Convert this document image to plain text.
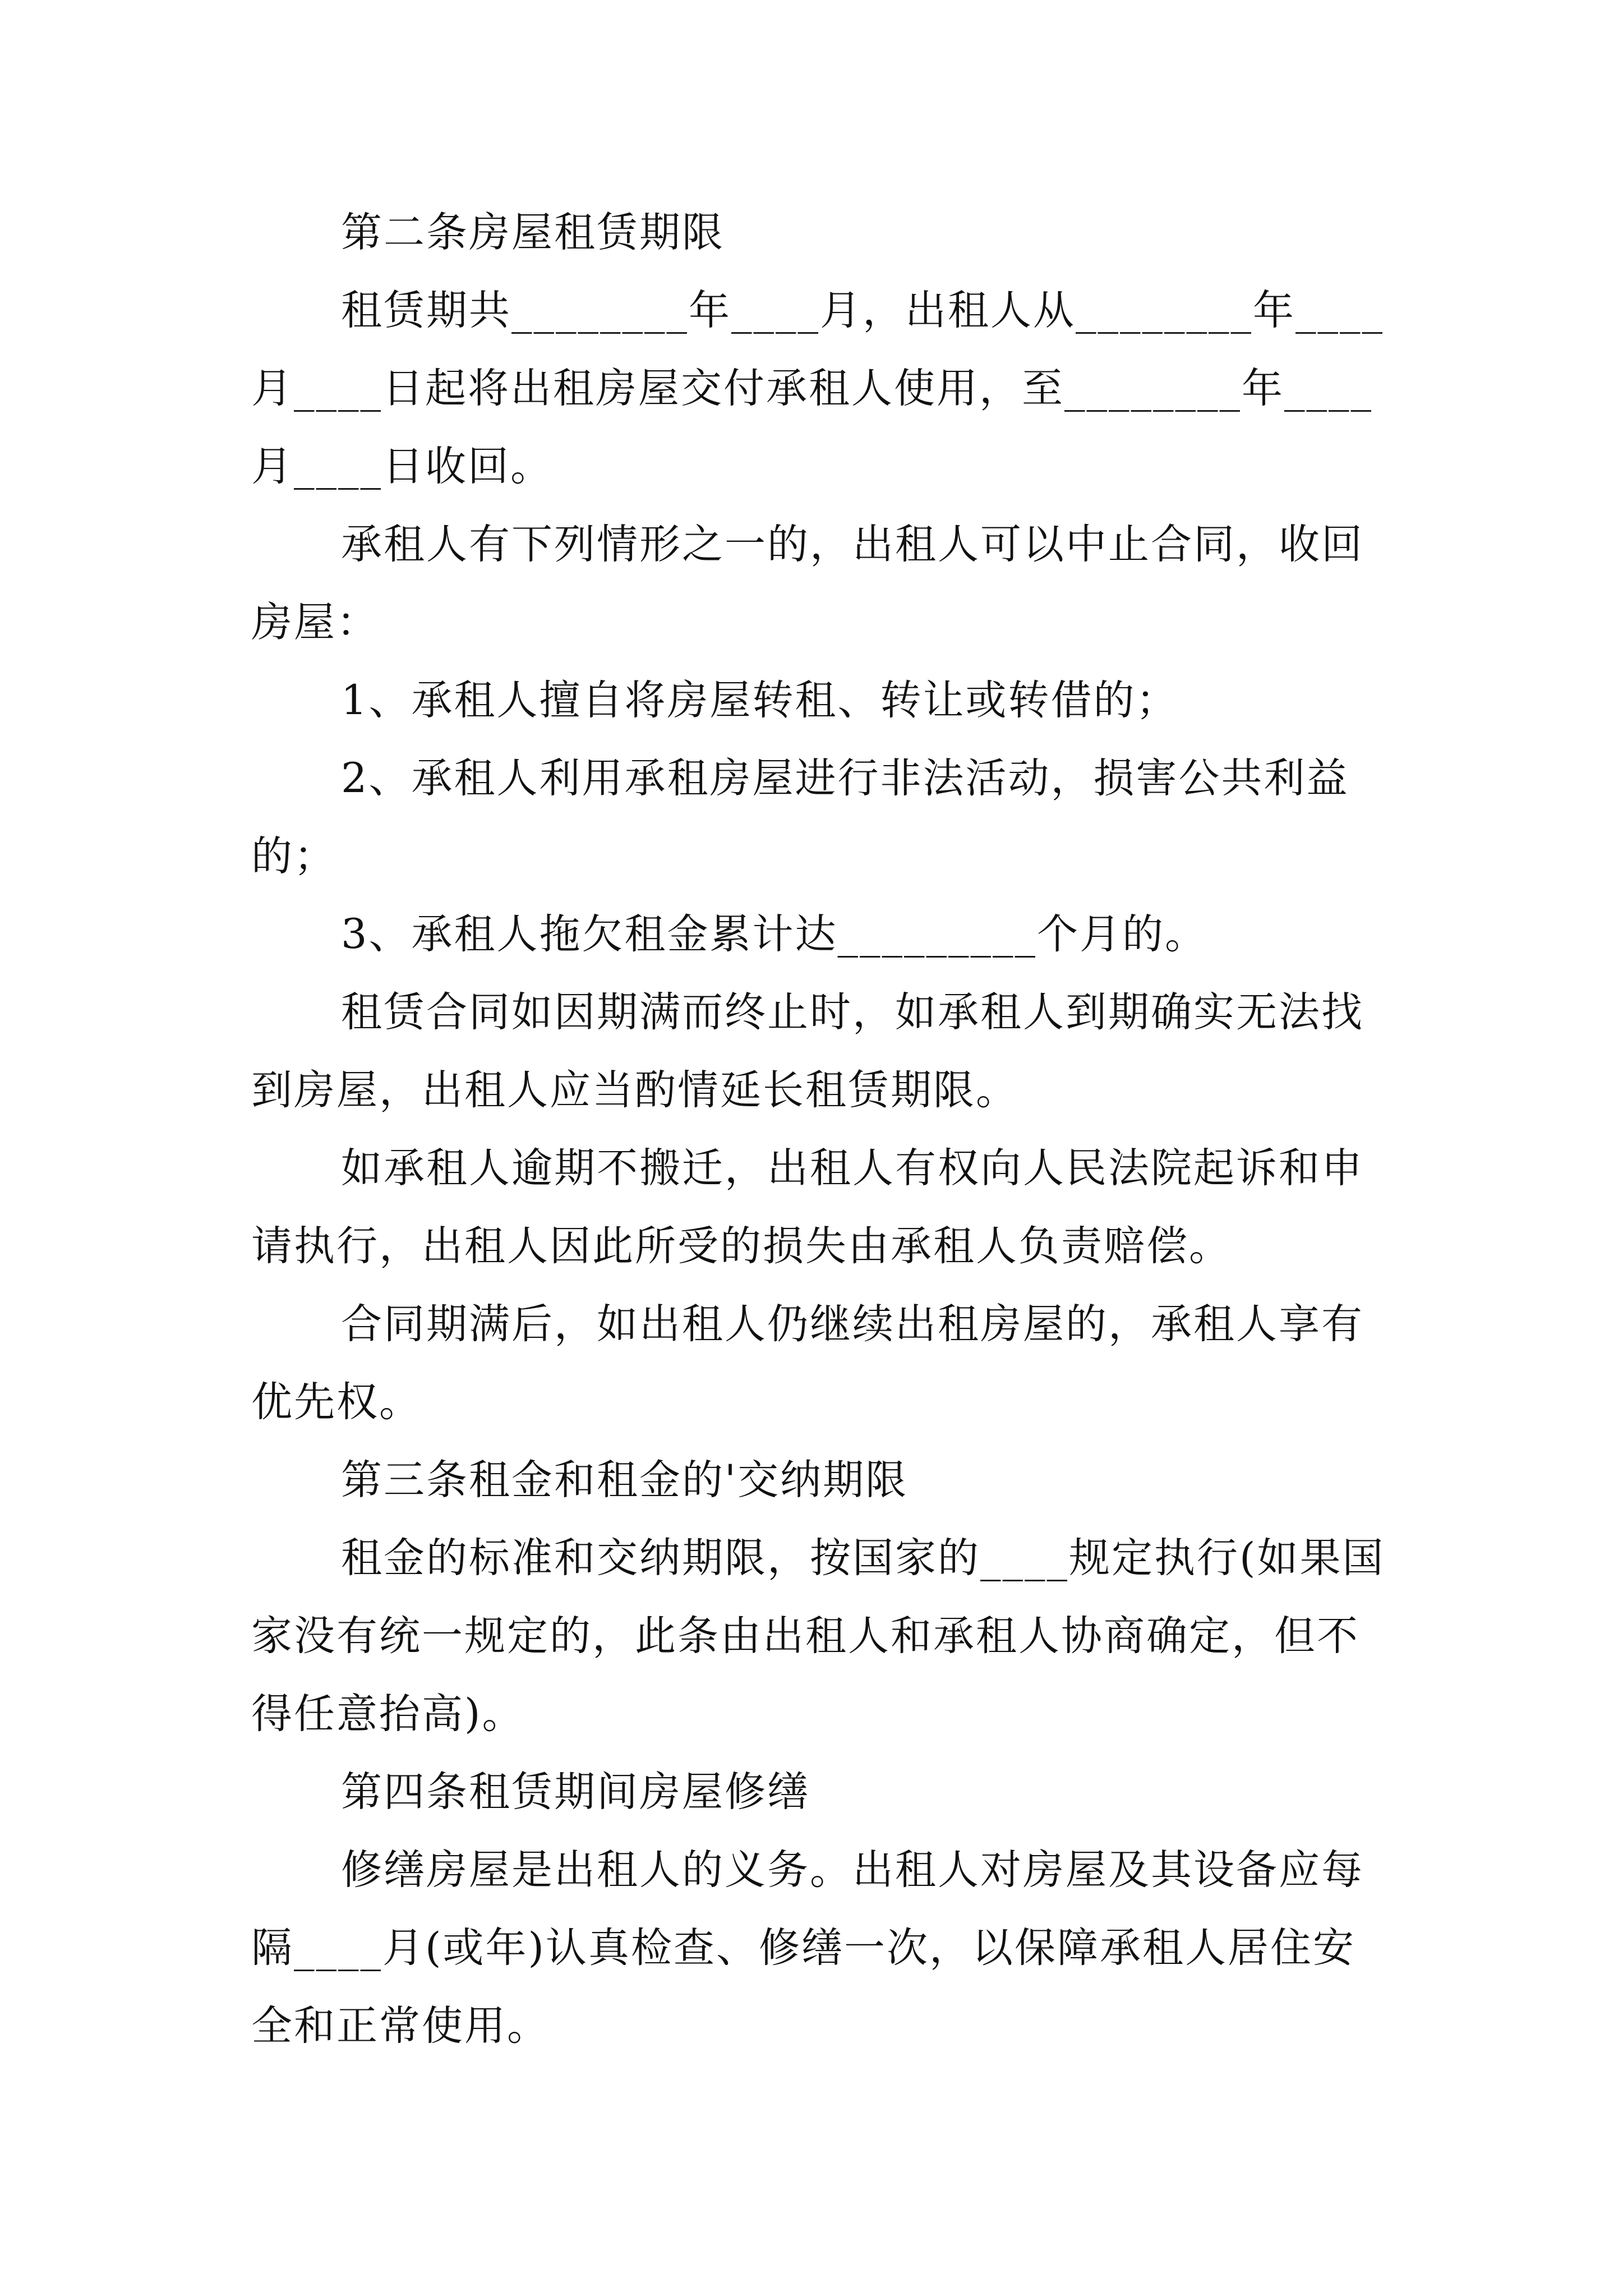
第二条房屋租赁期限

租赁期共________年____月，出租人从________年____月____日起将出租房屋交付承租人使用，至________年____月____日收回。

承租人有下列情形之一的，出租人可以中止合同，收回房屋：

1、承租人擅自将房屋转租、转让或转借的；

2、承租人利用承租房屋进行非法活动，损害公共利益的；

3、承租人拖欠租金累计达_________个月的。

租赁合同如因期满而终止时，如承租人到期确实无法找到房屋，出租人应当酌情延长租赁期限。

如承租人逾期不搬迁，出租人有权向人民法院起诉和申请执行，出租人因此所受的损失由承租人负责赔偿。

合同期满后，如出租人仍继续出租房屋的，承租人享有优先权。

第三条租金和租金的'交纳期限

租金的标准和交纳期限，按国家的____规定执行(如果国家没有统一规定的，此条由出租人和承租人协商确定，但不得任意抬高)。

第四条租赁期间房屋修缮

修缮房屋是出租人的义务。出租人对房屋及其设备应每隔____月(或年)认真检查、修缮一次，以保障承租人居住安全和正常使用。
